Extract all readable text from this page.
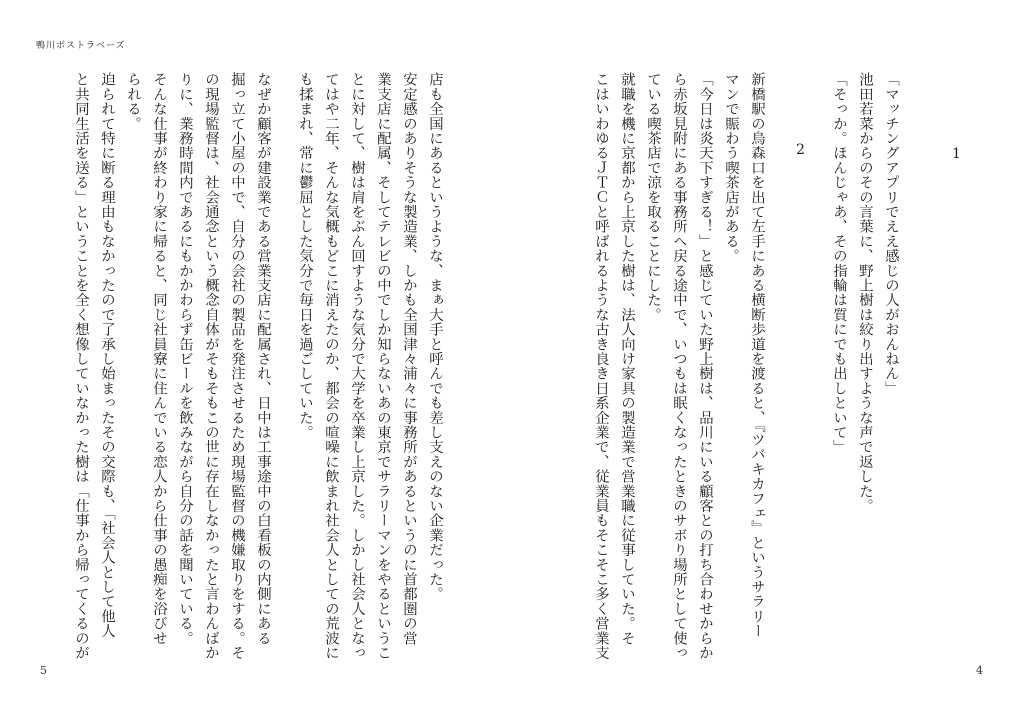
鴨川ボストラベーズ
1
2	「マッチングアプリでええ感じの人がおんねん」
池田若菜からのその言葉に、野上樹は絞り出すような声で返した。
「そっか。ほんじゃあ、その指輪は質にでも出しといて」
新橋駅の烏森口を出て左手にある横断歩道を渡ると、『ツバキカフェ』というサラリー
マンで賑わう喫茶店がある。
「今日は炎天下すぎる！」と感じていた野上樹は、品川にいる顧客との打ち合わせからか
ら赤坂見附にある事務所へ戻る途中で、いつもは眠くなったときのサボり場所として使っ
ている喫茶店で涼を取ることにした。
就職を機に京都から上京した樹は、法人向け家具の製造業で営業職に従事していた。そ
こはいわゆるＪＴＣと呼ばれるような古き良き日系企業で、従業員もそこそこ多く営業支
店も全国にあるというような、まぁ大手と呼んでも差し支えのない企業だった。
安定感のありそうな製造業、しかも全国津々浦々に事務所があるというのに首都圏の営
業支店に配属、そしてテレビの中でしか知らないあの東京でサラリーマンをやるというこ
とに対して、樹は肩をぶん回すような気分で大学を卒業し上京した。しかし社会人となっ
てはや二年、そんな気概もどこに消えたのか、都会の喧噪に飲まれ社会人としての荒波に
も揉まれ、常に鬱屈とした気分で毎日を過ごしていた。
なぜか顧客が建設業である営業支店に配属され、日中は工事途中の白看板の内側にある
掘っ立て小屋の中で、自分の会社の製品を発注させるため現場監督の機嫌取りをする。そ
の現場監督は、社会通念という概念自体がそもそもこの世に存在しなかったと言わんばか
りに、業務時間内であるにもかかわらず缶ビールを飲みながら自分の話を聞いている。
そんな仕事が終わり家に帰ると、同じ社員寮に住んでいる恋人から仕事の愚痴を浴びせ
られる。
迫られて特に断る理由もなかったので了承し始まったその交際も、「社会人として他人
と共同生活を送る」ということを全く想像していなかった樹は「仕事から帰ってくるのが
5	4
